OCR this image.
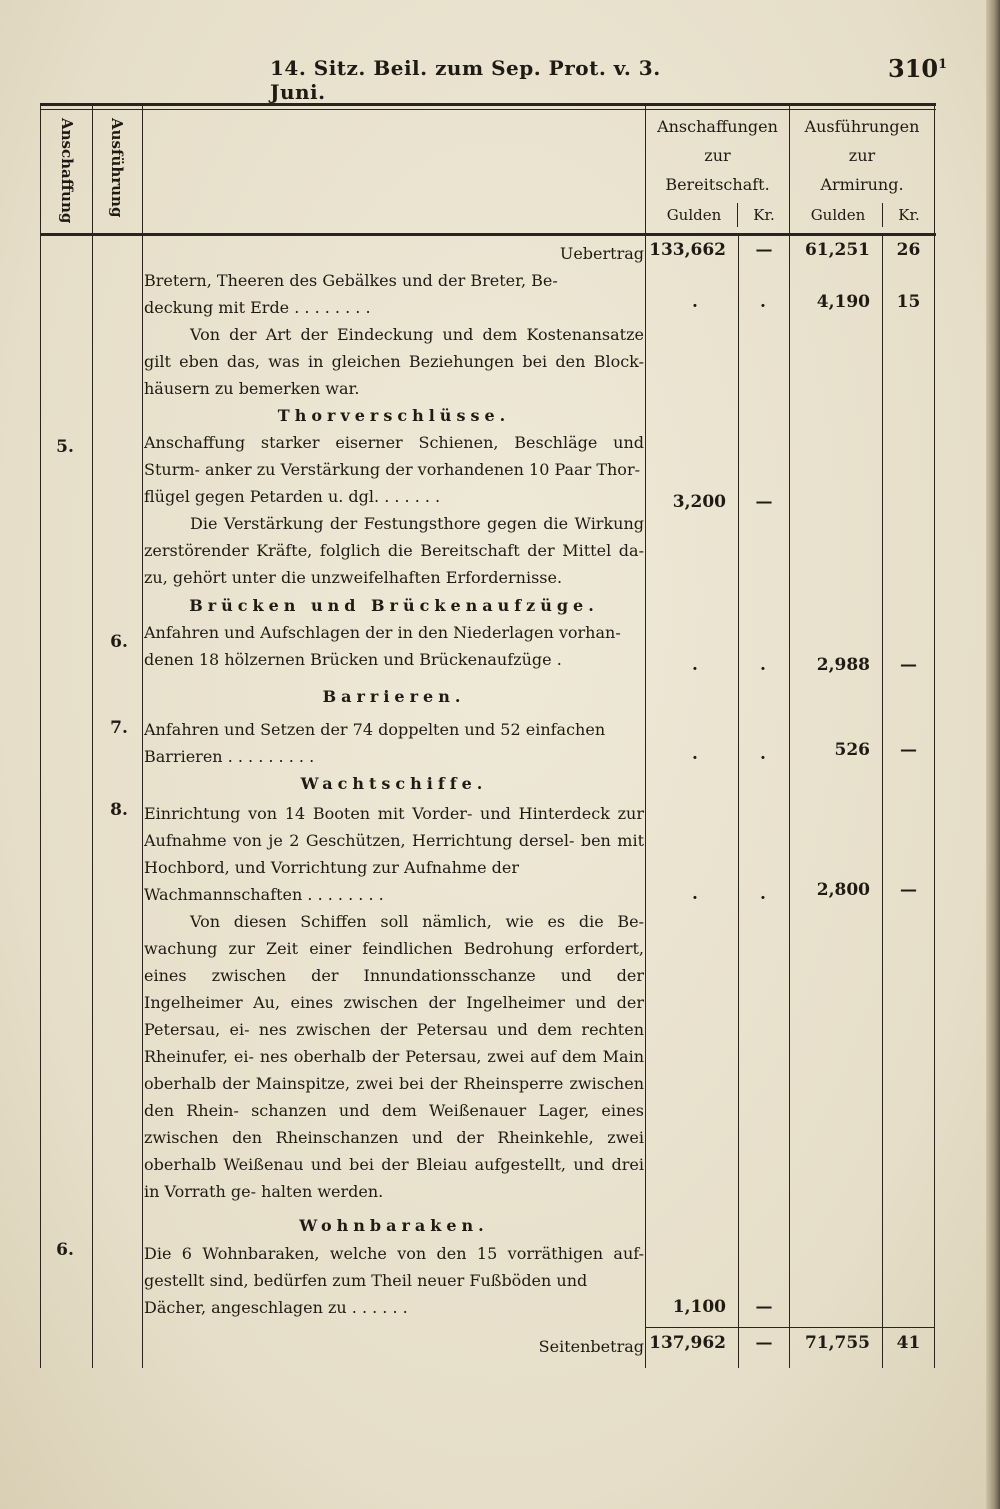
14. Sitz. Beil. zum Sep. Prot. v. 3. Juni.
$310^1$
Anschaffung Ausführung	Anschaffungen
zur
Bereitschaft.
Ausführungen
zur
Armirung.
Gulden	Kr.	Gulden	Kr.
Uebertrag 133,662	—	61,251	26
Bretern, Theeren des Gebälkes und der Breter, Be-
deckung mit Erde . . . . . . . .	.	.	4,190	15
Von der Art der Eindeckung und dem Kostenansatze gilt eben das, was in gleichen Beziehungen bei den Block- häusern zu bemerken war.
Thorverschlüsse.
5.	Anschaffung starker eiserner Schienen, Beschläge und Sturm- anker zu Verstärkung der vorhandenen 10 Paar Thor-
flügel gegen Petarden u. dgl. . . . . . .	3,200	—
Die Verstärkung der Festungsthore gegen die Wirkung zerstörender Kräfte, folglich die Bereitschaft der Mittel da- zu, gehört unter die unzweifelhaften Erfordernisse.
Brücken und Brückenaufzüge.
6.	Anfahren und Aufschlagen der in den Niederlagen vorhan-
denen 18 hölzernen Brücken und Brückenaufzüge .	.	.	2,988	—
Barrieren.
7.	Anfahren und Setzen der 74 doppelten und 52 einfachen
Barrieren . . . . . . . . .	.	.	526	—
Wachtschiffe.
8.	Einrichtung von 14 Booten mit Vorder- und Hinterdeck zur Aufnahme von je 2 Geschützen, Herrichtung dersel- ben mit Hochbord, und Vorrichtung zur Aufnahme der
Wachmannschaften . . . . . . . .	.	.	2,800	—
Von diesen Schiffen soll nämlich, wie es die Be- wachung zur Zeit einer feindlichen Bedrohung erfordert, eines zwischen der Innundationsschanze und der Ingelheimer Au, eines zwischen der Ingelheimer und der Petersau, ei- nes zwischen der Petersau und dem rechten Rheinufer, ei- nes oberhalb der Petersau, zwei auf dem Main oberhalb der Mainspitze, zwei bei der Rheinsperre zwischen den Rhein- schanzen und dem Weißenauer Lager, eines zwischen den Rheinschanzen und der Rheinkehle, zwei oberhalb Weißenau und bei der Bleiau aufgestellt, und drei in Vorrath ge- halten werden.
Wohnbaraken.
6.	Die 6 Wohnbaraken, welche von den 15 vorräthigen auf- gestellt sind, bedürfen zum Theil neuer Fußböden und
Dächer, angeschlagen zu . . . . . .	1,100	—
Seitenbetrag 137,962	—	71,755	41
